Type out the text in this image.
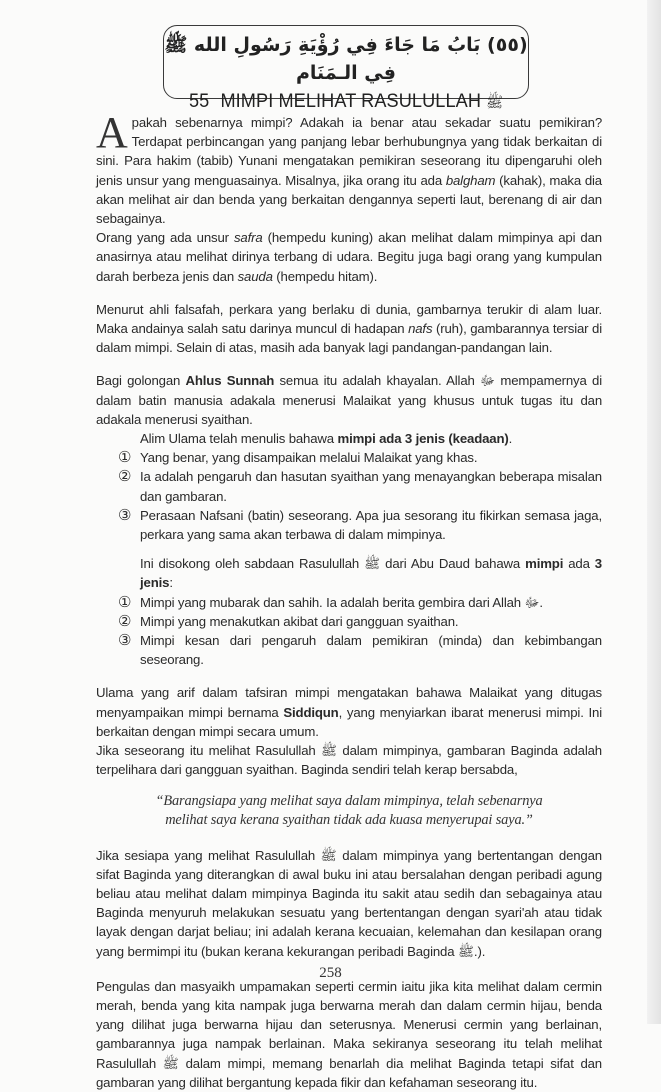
(٥٥) بَابُ مَا جَاءَ فِي رُؤْيَةِ رَسُولِ الله ﷺ فِي الـمَنَام
55 MIMPI MELIHAT RASULULLAH ﷺ

Apakah sebenarnya mimpi? Adakah ia benar atau sekadar suatu pemikiran? Terdapat perbincangan yang panjang lebar berhubungnya yang tidak berkaitan di sini. Para hakim (tabib) Yunani mengatakan pemikiran seseorang itu dipengaruhi oleh jenis unsur yang menguasainya. Misalnya, jika orang itu ada balgham (kahak), maka dia akan melihat air dan benda yang berkaitan dengannya seperti laut, berenang di air dan sebagainya.

Orang yang ada unsur safra (hempedu kuning) akan melihat dalam mimpinya api dan anasirnya atau melihat dirinya terbang di udara. Begitu juga bagi orang yang kumpulan darah berbeza jenis dan sauda (hempedu hitam).

Menurut ahli falsafah, perkara yang berlaku di dunia, gambarnya terukir di alam luar. Maka andainya salah satu darinya muncul di hadapan nafs (ruh), gambarannya tersiar di dalam mimpi. Selain di atas, masih ada banyak lagi pandangan-pandangan lain.

Bagi golongan Ahlus Sunnah semua itu adalah khayalan. Allah ﷻ mempamernya di dalam batin manusia adakala menerusi Malaikat yang khusus untuk tugas itu dan adakala menerusi syaithan.

Alim Ulama telah menulis bahawa mimpi ada 3 jenis (keadaan).

① Yang benar, yang disampaikan melalui Malaikat yang khas.
② Ia adalah pengaruh dan hasutan syaithan yang menayangkan beberapa misalan dan gambaran.
③ Perasaan Nafsani (batin) seseorang. Apa jua sesorang itu fikirkan semasa jaga, perkara yang sama akan terbawa di dalam mimpinya.

Ini disokong oleh sabdaan Rasulullah ﷺ dari Abu Daud bahawa mimpi ada 3 jenis:

① Mimpi yang mubarak dan sahih. Ia adalah berita gembira dari Allah ﷻ.
② Mimpi yang menakutkan akibat dari gangguan syaithan.
③ Mimpi kesan dari pengaruh dalam pemikiran (minda) dan kebimbangan seseorang.

Ulama yang arif dalam tafsiran mimpi mengatakan bahawa Malaikat yang ditugas menyampaikan mimpi bernama Siddiqun, yang menyiarkan ibarat menerusi mimpi. Ini berkaitan dengan mimpi secara umum.

Jika seseorang itu melihat Rasulullah ﷺ dalam mimpinya, gambaran Baginda adalah terpelihara dari gangguan syaithan. Baginda sendiri telah kerap bersabda,

“Barangsiapa yang melihat saya dalam mimpinya, telah sebenarnya
melihat saya kerana syaithan tidak ada kuasa menyerupai saya.”

Jika sesiapa yang melihat Rasulullah ﷺ dalam mimpinya yang bertentangan dengan sifat Baginda yang diterangkan di awal buku ini atau bersalahan dengan peribadi agung beliau atau melihat dalam mimpinya Baginda itu sakit atau sedih dan sebagainya atau Baginda menyuruh melakukan sesuatu yang bertentangan dengan syari'ah atau tidak layak dengan darjat beliau; ini adalah kerana kecuaian, kelemahan dan kesilapan orang yang bermimpi itu (bukan kerana kekurangan peribadi Baginda ﷺ.).

Pengulas dan masyaikh umpamakan seperti cermin iaitu jika kita melihat dalam cermin merah, benda yang kita nampak juga berwarna merah dan dalam cermin hijau, benda yang dilihat juga berwarna hijau dan seterusnya. Menerusi cermin yang berlainan, gambarannya juga nampak berlainan. Maka sekiranya seseorang itu telah melihat Rasulullah ﷺ dalam mimpi, memang benarlah dia melihat Baginda tetapi sifat dan gambaran yang dilihat bergantung kepada fikir dan kefahaman seseorang itu.

258
